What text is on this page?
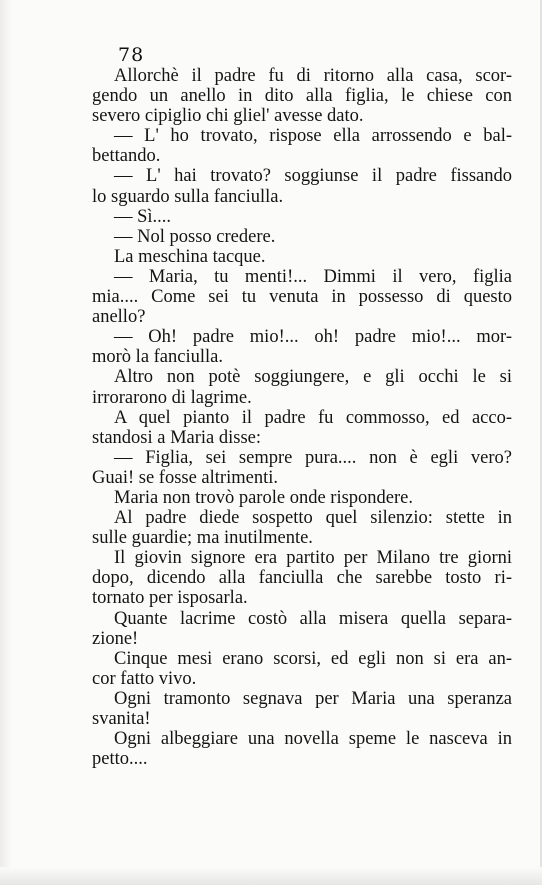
78
Allorchè il padre fu di ritorno alla casa, scor-
gendo un anello in dito alla figlia, le chiese con
severo cipiglio chi gliel' avesse dato.
— L' ho trovato, rispose ella arrossendo e bal-
bettando.
— L' hai trovato? soggiunse il padre fissando
lo sguardo sulla fanciulla.
— Sì....
— Nol posso credere.
La meschina tacque.
— Maria, tu menti!... Dimmi il vero, figlia
mia.... Come sei tu venuta in possesso di questo
anello?
— Oh! padre mio!... oh! padre mio!... mor-
morò la fanciulla.
Altro non potè soggiungere, e gli occhi le si
irrorarono di lagrime.
A quel pianto il padre fu commosso, ed acco-
standosi a Maria disse:
— Figlia, sei sempre pura.... non è egli vero?
Guai! se fosse altrimenti.
Maria non trovò parole onde rispondere.
Al padre diede sospetto quel silenzio: stette in
sulle guardie; ma inutilmente.
Il giovin signore era partito per Milano tre giorni
dopo, dicendo alla fanciulla che sarebbe tosto ri-
tornato per isposarla.
Quante lacrime costò alla misera quella separa-
zione!
Cinque mesi erano scorsi, ed egli non si era an-
cor fatto vivo.
Ogni tramonto segnava per Maria una speranza
svanita!
Ogni albeggiare una novella speme le nasceva in
petto....
